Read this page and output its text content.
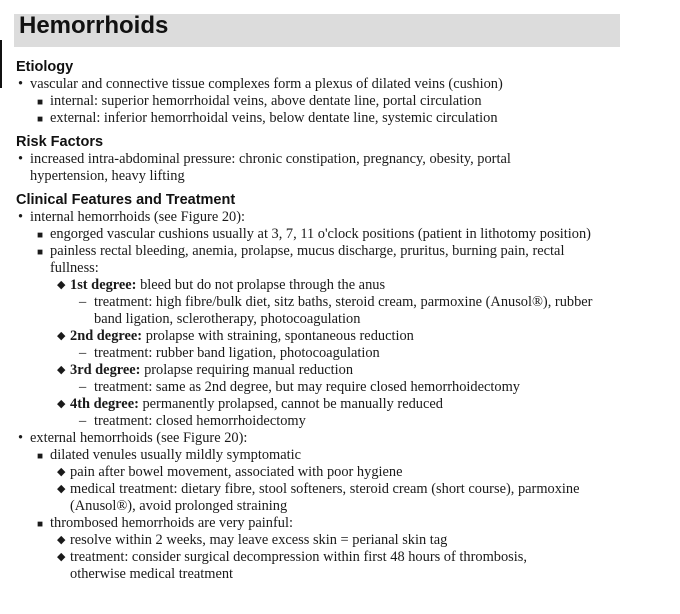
Hemorrhoids
Etiology
• vascular and connective tissue complexes form a plexus of dilated veins (cushion)
■ internal: superior hemorrhoidal veins, above dentate line, portal circulation
■ external: inferior hemorrhoidal veins, below dentate line, systemic circulation
Risk Factors
• increased intra-abdominal pressure: chronic constipation, pregnancy, obesity, portal
hypertension, heavy lifting
Clinical Features and Treatment
• internal hemorrhoids (see Figure 20):
■ engorged vascular cushions usually at 3, 7, 11 o'clock positions (patient in lithotomy position)
■ painless rectal bleeding, anemia, prolapse, mucus discharge, pruritus, burning pain, rectal
fullness:
◆ 1st degree: bleed but do not prolapse through the anus
– treatment: high fibre/bulk diet, sitz baths, steroid cream, parmoxine (Anusol®), rubber
band ligation, sclerotherapy, photocoagulation
◆ 2nd degree: prolapse with straining, spontaneous reduction
– treatment: rubber band ligation, photocoagulation
◆ 3rd degree: prolapse requiring manual reduction
– treatment: same as 2nd degree, but may require closed hemorrhoidectomy
◆ 4th degree: permanently prolapsed, cannot be manually reduced
– treatment: closed hemorrhoidectomy
• external hemorrhoids (see Figure 20):
■ dilated venules usually mildly symptomatic
◆ pain after bowel movement, associated with poor hygiene
◆ medical treatment: dietary fibre, stool softeners, steroid cream (short course), parmoxine
(Anusol®), avoid prolonged straining
■ thrombosed hemorrhoids are very painful:
◆ resolve within 2 weeks, may leave excess skin = perianal skin tag
◆ treatment: consider surgical decompression within first 48 hours of thrombosis,
otherwise medical treatment
